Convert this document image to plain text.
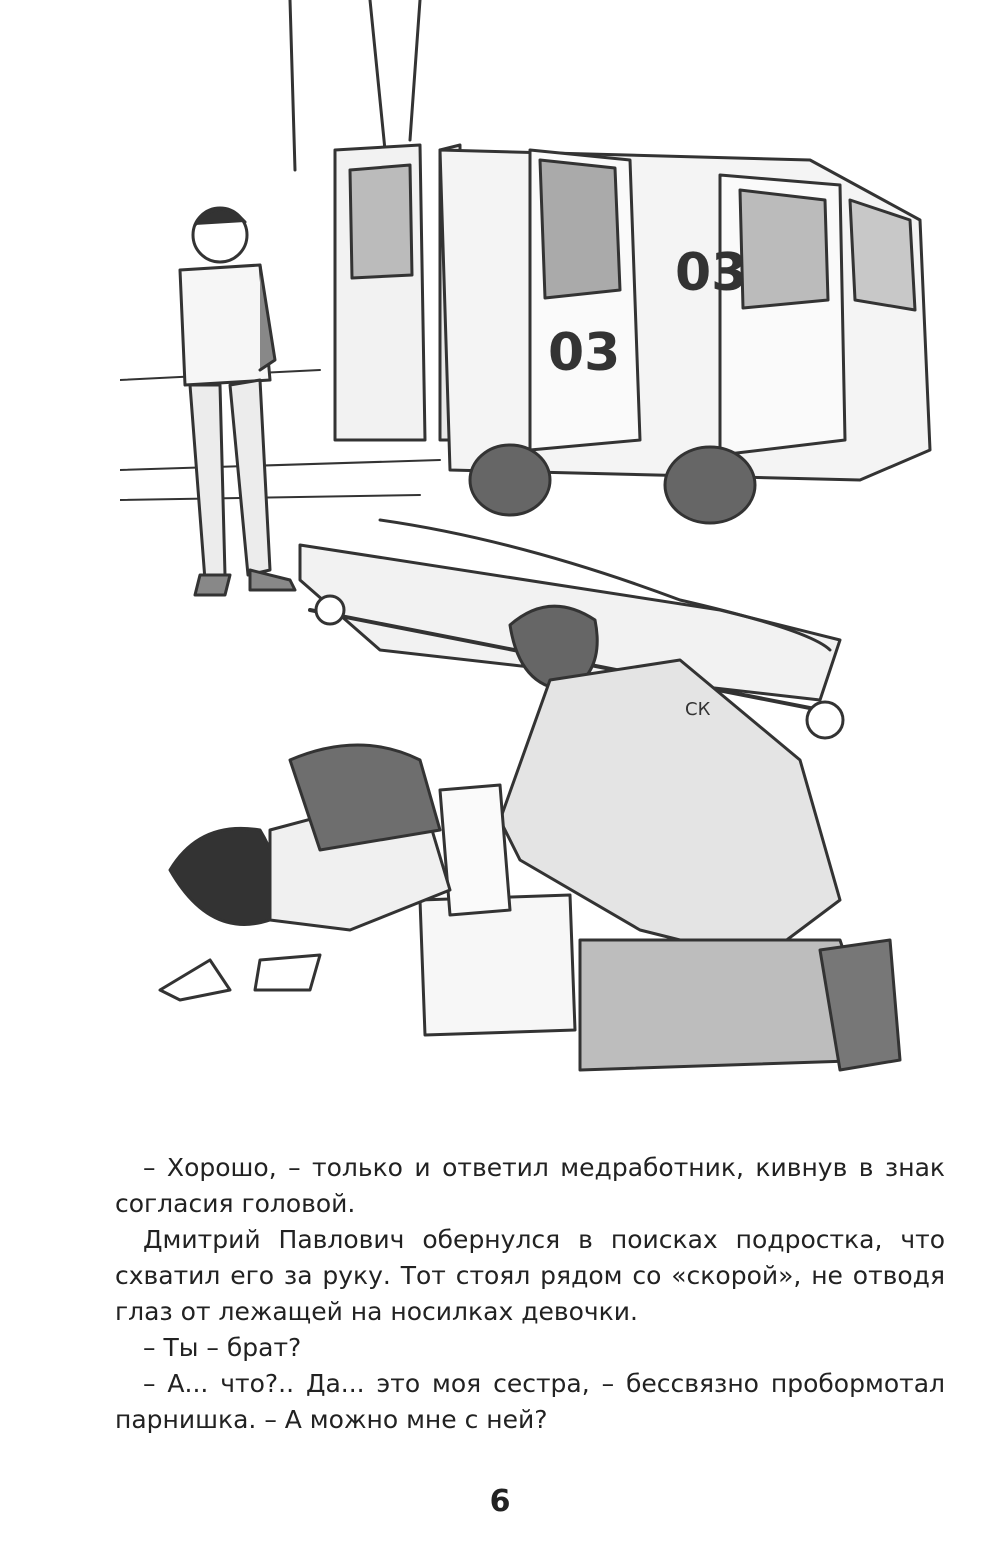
03
03
СК

– Хорошо, – только и ответил медработник, кивнув в знак согласия головой.

Дмитрий Павлович обернулся в поисках подростка, что схватил его за руку. Тот стоял рядом со «скорой», не отводя глаз от лежащей на носилках девочки.

– Ты – брат?

– А... что?.. Да... это моя сестра, – бессвязно пробормотал парнишка. – А можно мне с ней?

6
